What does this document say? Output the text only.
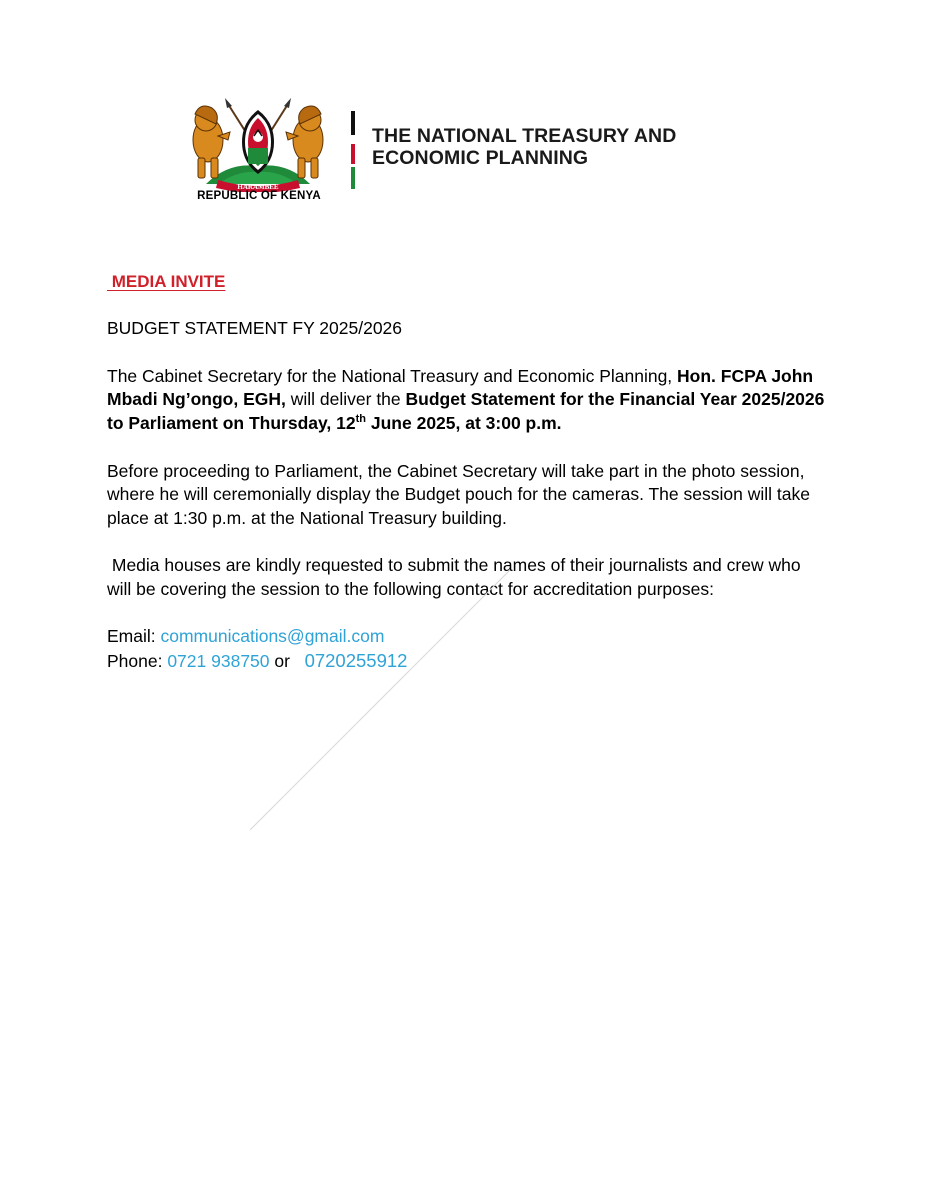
HARAMBEE
REPUBLIC OF KENYA
THE NATIONAL TREASURY AND
ECONOMIC PLANNING

MEDIA INVITE

BUDGET STATEMENT FY 2025/2026

The Cabinet Secretary for the National Treasury and Economic Planning, Hon. FCPA John Mbadi Ng’ongo, EGH, will deliver the Budget Statement for the Financial Year 2025/2026 to Parliament on Thursday, 12th June 2025, at 3:00 p.m.

Before proceeding to Parliament, the Cabinet Secretary will take part in the photo session, where he will ceremonially display the Budget pouch for the cameras. The session will take place at 1:30 p.m. at the National Treasury building.

Media houses are kindly requested to submit the names of their journalists and crew who will be covering the session to the following contact for accreditation purposes:

Email: communications@gmail.com

Phone: 0721 938750 or   0720255912
